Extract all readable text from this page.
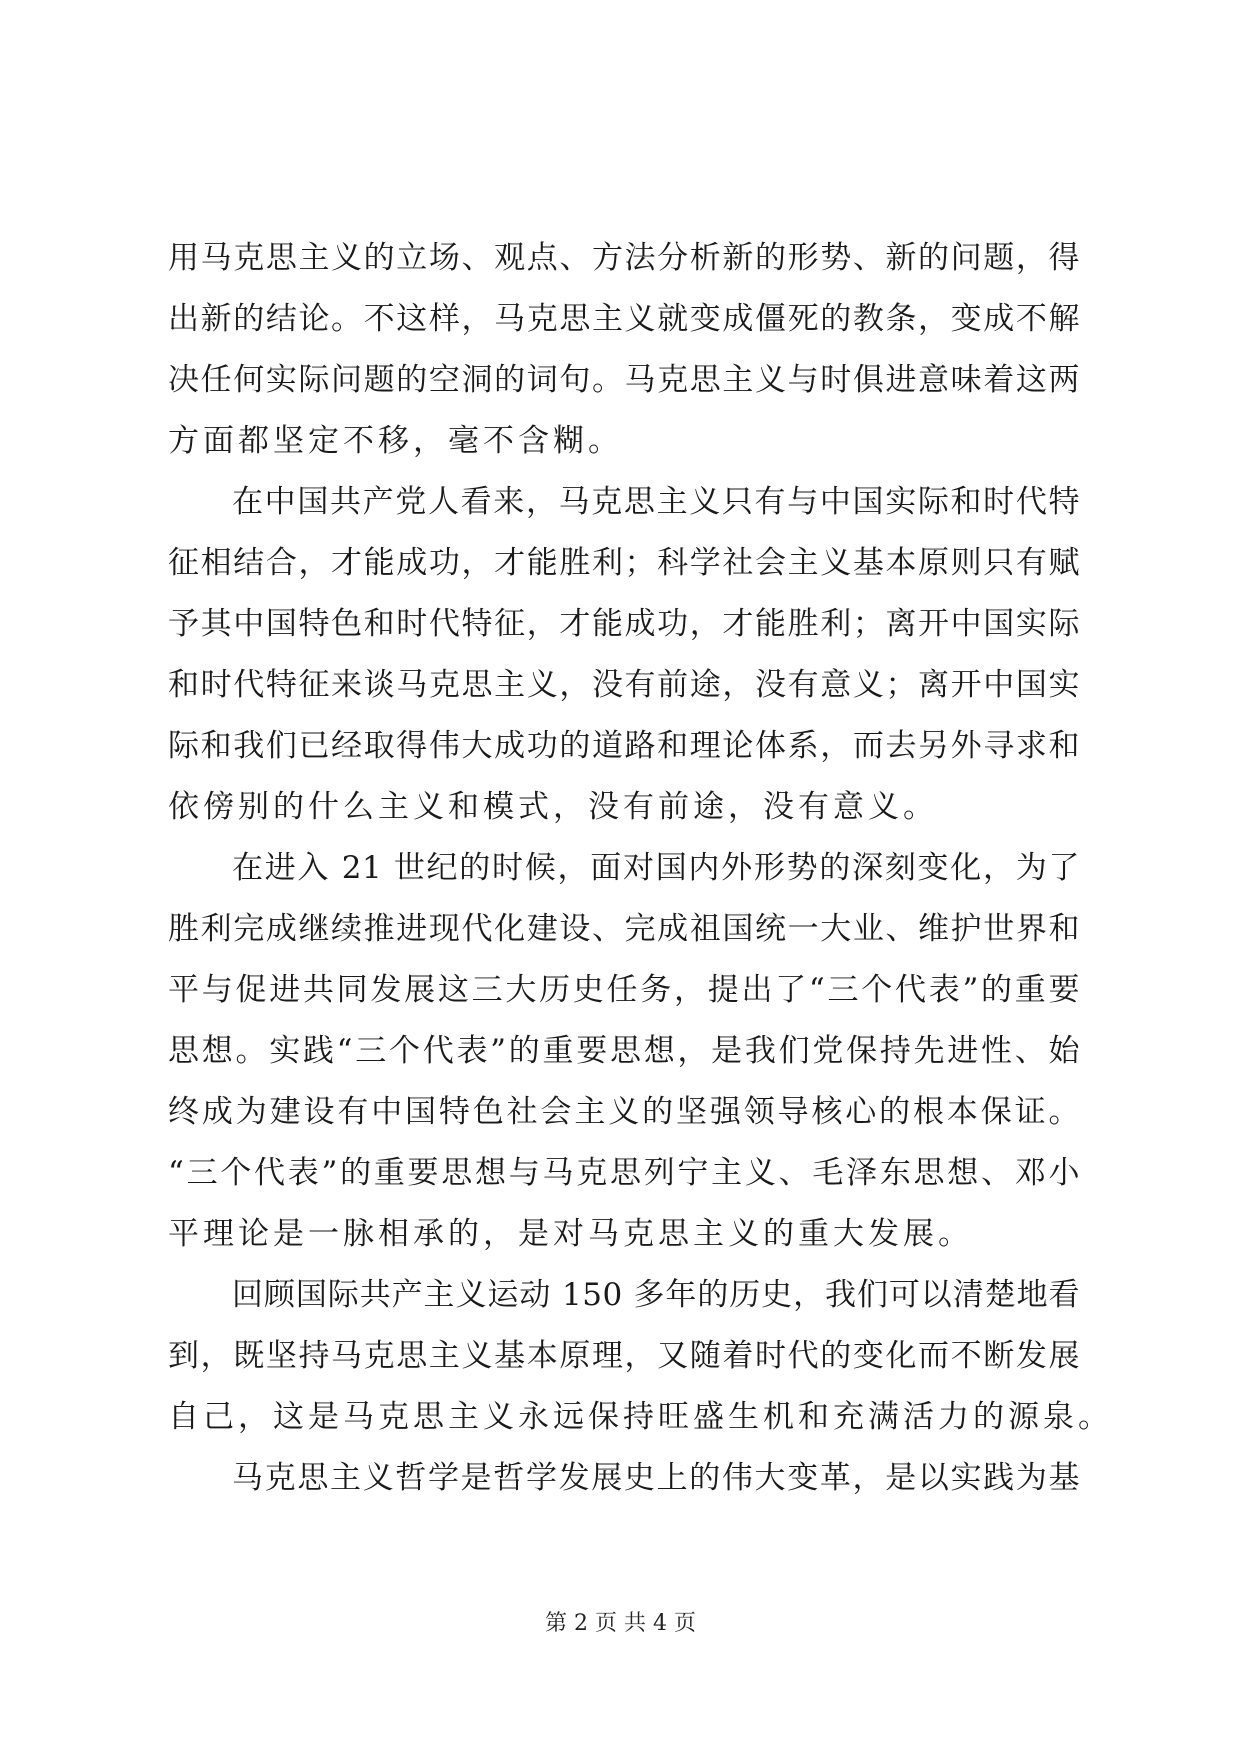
用马克思主义的立场、观点、方法分析新的形势、新的问题，得
出新的结论。不这样，马克思主义就变成僵死的教条，变成不解
决任何实际问题的空洞的词句。马克思主义与时俱进意味着这两
方面都坚定不移，毫不含糊。
在中国共产党人看来，马克思主义只有与中国实际和时代特
征相结合，才能成功，才能胜利；科学社会主义基本原则只有赋
予其中国特色和时代特征，才能成功，才能胜利；离开中国实际
和时代特征来谈马克思主义，没有前途，没有意义；离开中国实
际和我们已经取得伟大成功的道路和理论体系，而去另外寻求和
依傍别的什么主义和模式，没有前途，没有意义。
在进入 21 世纪的时候，面对国内外形势的深刻变化，为了
胜利完成继续推进现代化建设、完成祖国统一大业、维护世界和
平与促进共同发展这三大历史任务，提出了“三个代表”的重要
思想。实践“三个代表”的重要思想，是我们党保持先进性、始
终成为建设有中国特色社会主义的坚强领导核心的根本保证。
“三个代表”的重要思想与马克思列宁主义、毛泽东思想、邓小
平理论是一脉相承的，是对马克思主义的重大发展。
回顾国际共产主义运动 150 多年的历史，我们可以清楚地看
到，既坚持马克思主义基本原理，又随着时代的变化而不断发展
自己，这是马克思主义永远保持旺盛生机和充满活力的源泉。
马克思主义哲学是哲学发展史上的伟大变革，是以实践为基
第 2 页 共 4 页
